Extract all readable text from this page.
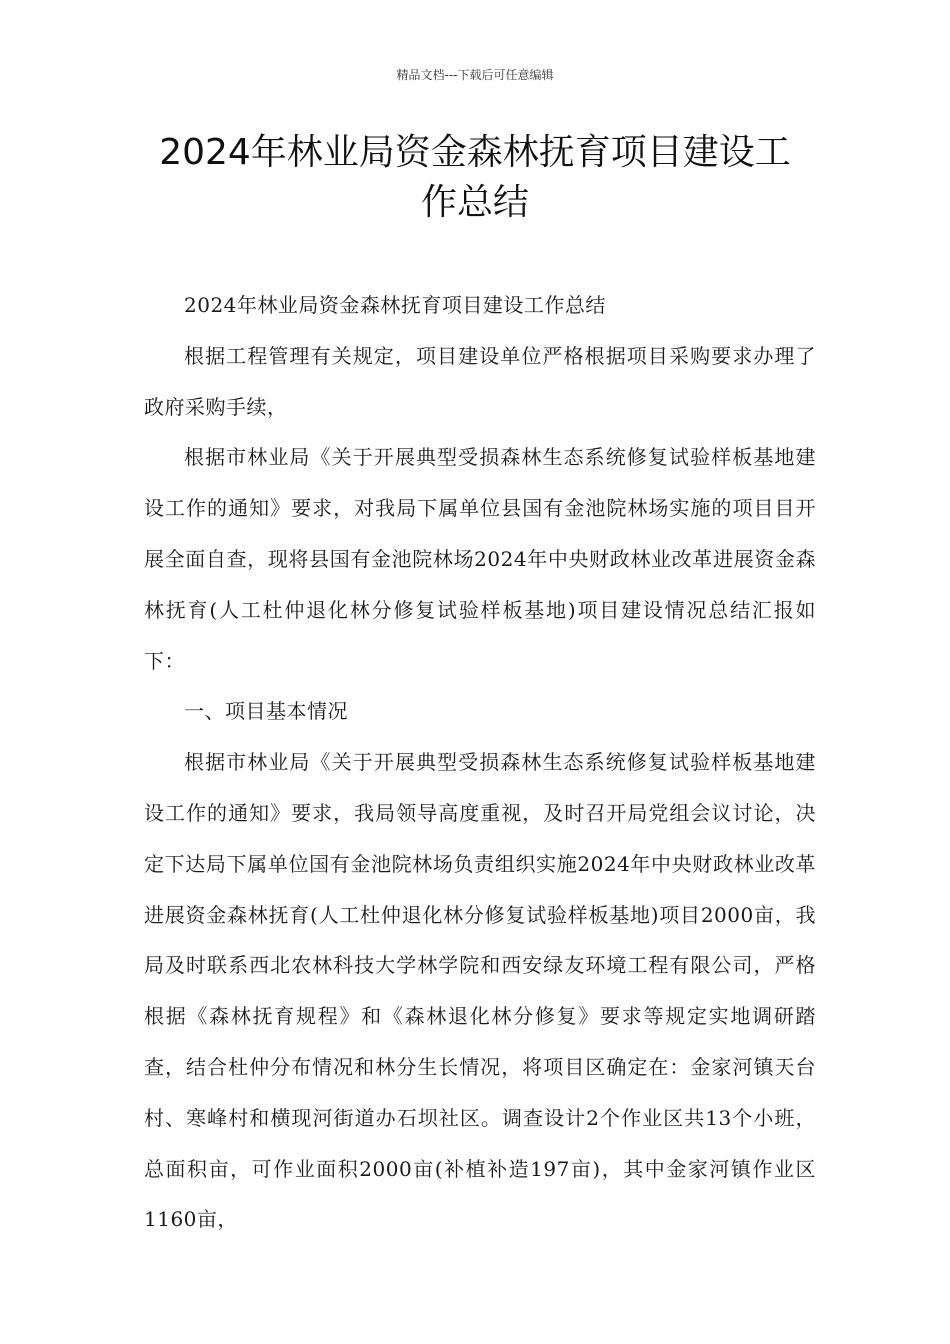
精品文档---下载后可任意编辑
2024年林业局资金森林抚育项目建设工
作总结

2024年林业局资金森林抚育项目建设工作总结

根据工程管理有关规定，项目建设单位严格根据项目采购要求办理了政府采购手续，

根据市林业局《关于开展典型受损森林生态系统修复试验样板基地建设工作的通知》要求，对我局下属单位县国有金池院林场实施的项目目开展全面自查，现将县国有金池院林场2024年中央财政林业改革进展资金森林抚育(人工杜仲退化林分修复试验样板基地)项目建设情况总结汇报如下：

一、项目基本情况

根据市林业局《关于开展典型受损森林生态系统修复试验样板基地建设工作的通知》要求，我局领导高度重视，及时召开局党组会议讨论，决定下达局下属单位国有金池院林场负责组织实施2024年中央财政林业改革进展资金森林抚育(人工杜仲退化林分修复试验样板基地)项目2000亩，我局及时联系西北农林科技大学林学院和西安绿友环境工程有限公司，严格根据《森林抚育规程》和《森林退化林分修复》要求等规定实地调研踏查，结合杜仲分布情况和林分生长情况，将项目区确定在：金家河镇天台村、寒峰村和横现河街道办石坝社区。调查设计2个作业区共13个小班，总面积亩，可作业面积2000亩(补植补造197亩)，其中金家河镇作业区1160亩，
